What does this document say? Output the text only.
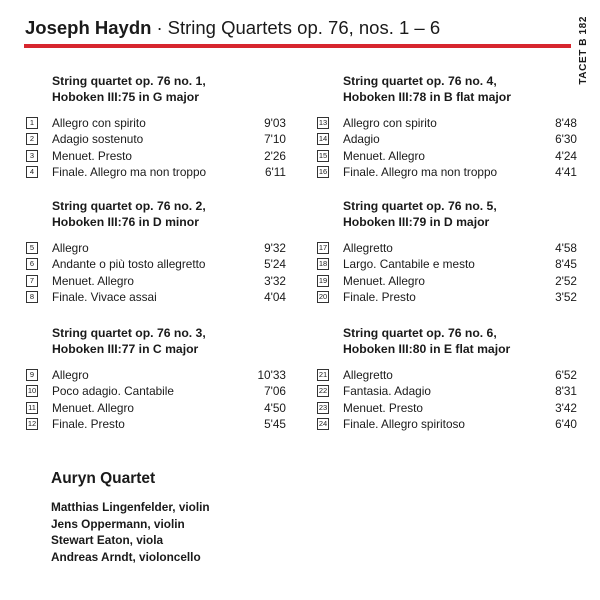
Joseph Haydn · String Quartets op. 76, nos. 1 – 6	TACET B 182
String quartet op. 76 no. 1,
Hoboken III:75 in G major
1	Allegro con spirito	9'03
2	Adagio sostenuto	7'10
3	Menuet. Presto	2'26
4	Finale. Allegro ma non troppo	6'11
String quartet op. 76 no. 2,
Hoboken III:76 in D minor
5	Allegro	9'32
6	Andante o più tosto allegretto	5'24
7	Menuet. Allegro	3'32
8	Finale. Vivace assai	4'04
String quartet op. 76 no. 3,
Hoboken III:77 in C major
9	Allegro	10'33
10 Poco adagio. Cantabile	7'06
11 Menuet. Allegro	4'50
12 Finale. Presto	5'45
String quartet op. 76 no. 4,
Hoboken III:78 in B flat major
13 Allegro con spirito	8'48
14 Adagio	6'30
15 Menuet. Allegro	4'24
16 Finale. Allegro ma non troppo	4'41
String quartet op. 76 no. 5,
Hoboken III:79 in D major
17 Allegretto	4'58
18 Largo. Cantabile e mesto	8'45
19 Menuet. Allegro	2'52
20 Finale. Presto	3'52
String quartet op. 76 no. 6,
Hoboken III:80 in E flat major
21 Allegretto	6'52
22 Fantasia. Adagio	8'31
23 Menuet. Presto	3'42
24 Finale. Allegro spiritoso	6'40
Auryn Quartet
Matthias Lingenfelder, violin
Jens Oppermann, violin
Stewart Eaton, viola
Andreas Arndt, violoncello
